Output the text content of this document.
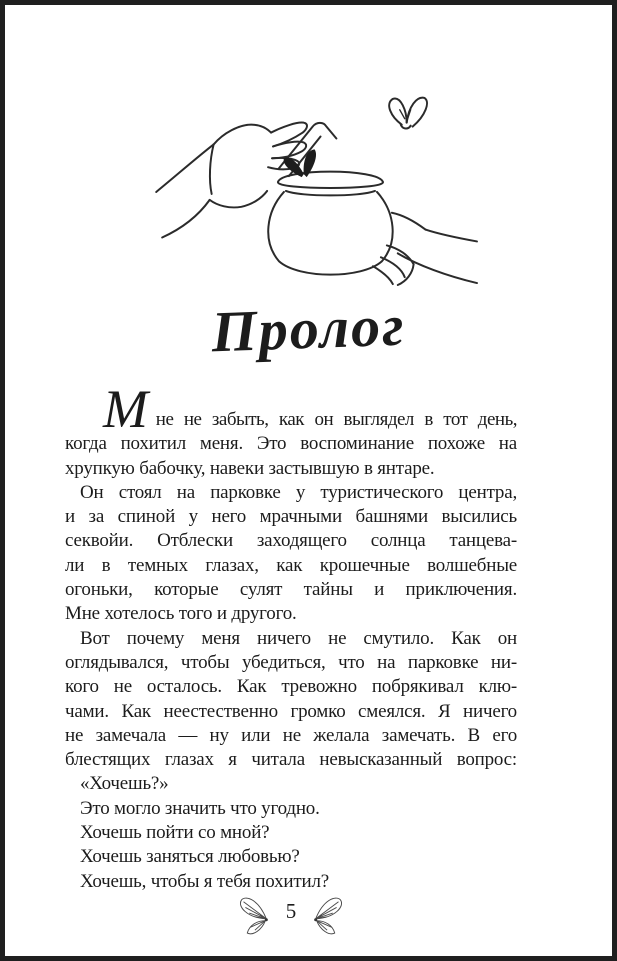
Пролог
М не не забыть, как он выглядел в тот день,
когда похитил меня. Это воспоминание похоже на
хрупкую бабочку, навеки застывшую в янтаре.
Он стоял на парковке у туристического центра,
и за спиной у него мрачными башнями высились
секвойи. Отблески заходящего солнца танцева-
ли в темных глазах, как крошечные волшебные
огоньки, которые сулят тайны и приключения.
Мне хотелось того и другого.
Вот почему меня ничего не смутило. Как он
оглядывался, чтобы убедиться, что на парковке ни-
кого не осталось. Как тревожно побрякивал клю-
чами. Как неестественно громко смеялся. Я ничего
не замечала — ну или не желала замечать. В его
блестящих глазах я читала невысказанный вопрос:
«Хочешь?»
Это могло значить что угодно.
Хочешь пойти со мной?
Хочешь заняться любовью?
Хочешь, чтобы я тебя похитил?
5
